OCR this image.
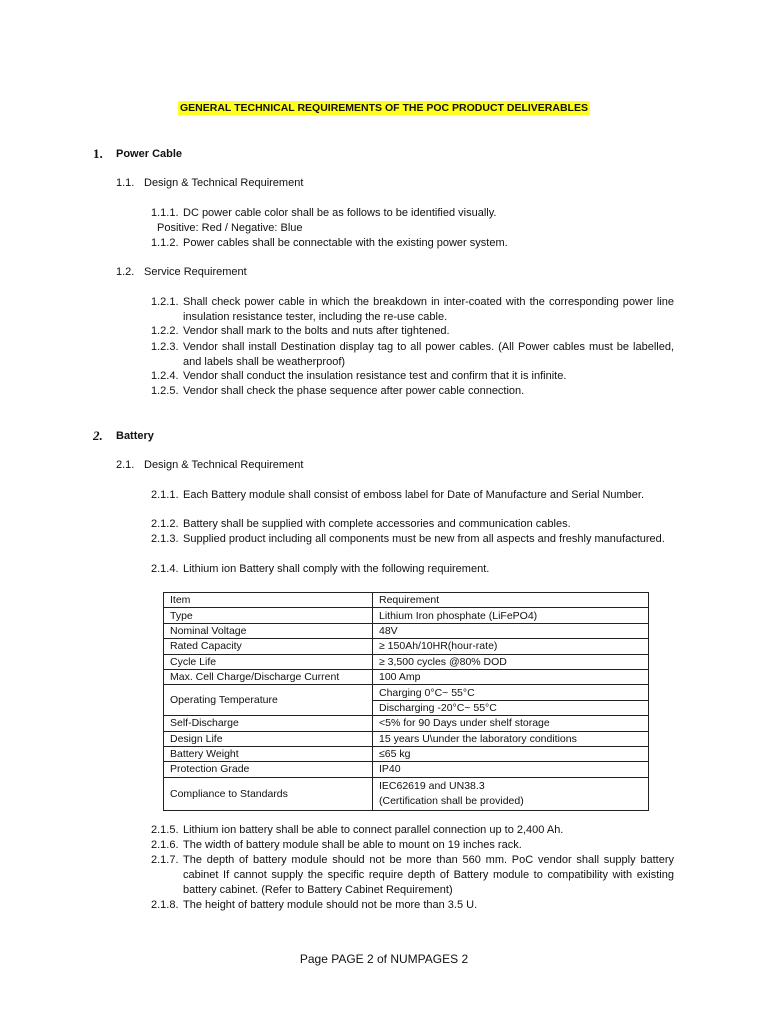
GENERAL TECHNICAL REQUIREMENTS OF THE POC PRODUCT DELIVERABLES
1. Power Cable
1.1. Design & Technical Requirement
1.1.1. DC power cable color shall be as follows to be identified visually.
Positive: Red / Negative: Blue
1.1.2. Power cables shall be connectable with the existing power system.
1.2. Service Requirement
1.2.1. Shall check power cable in which the breakdown in inter-coated with the corresponding power line insulation resistance tester, including the re-use cable.
1.2.2. Vendor shall mark to the bolts and nuts after tightened.
1.2.3. Vendor shall install Destination display tag to all power cables. (All Power cables must be labelled, and labels shall be weatherproof)
1.2.4. Vendor shall conduct the insulation resistance test and confirm that it is infinite.
1.2.5. Vendor shall check the phase sequence after power cable connection.
2. Battery
2.1. Design & Technical Requirement
2.1.1. Each Battery module shall consist of emboss label for Date of Manufacture and Serial Number.
2.1.2. Battery shall be supplied with complete accessories and communication cables.
2.1.3. Supplied product including all components must be new from all aspects and freshly manufactured.
2.1.4. Lithium ion Battery shall comply with the following requirement.
Item	Requirement
Type	Lithium Iron phosphate (LiFePO4)
Nominal Voltage	48V
Rated Capacity	≥ 150Ah/10HR(hour-rate)
Cycle Life	≥ 3,500 cycles @80% DOD
Max. Cell Charge/Discharge Current	100 Amp
Operating Temperature	Charging 0°C~ 55°C
	Discharging -20°C~ 55°C
Self-Discharge	<5% for 90 Days under shelf storage
Design Life	15 years U\under the laboratory conditions
Battery Weight	≤65 kg
Protection Grade	IP40
Compliance to Standards	IEC62619 and UN38.3
(Certification shall be provided)
2.1.5. Lithium ion battery shall be able to connect parallel connection up to 2,400 Ah.
2.1.6. The width of battery module shall be able to mount on 19 inches rack.
2.1.7. The depth of battery module should not be more than 560 mm. PoC vendor shall supply battery cabinet If cannot supply the specific require depth of Battery module to compatibility with existing battery cabinet. (Refer to Battery Cabinet Requirement)
2.1.8. The height of battery module should not be more than 3.5 U.
Page PAGE 2 of NUMPAGES 2
